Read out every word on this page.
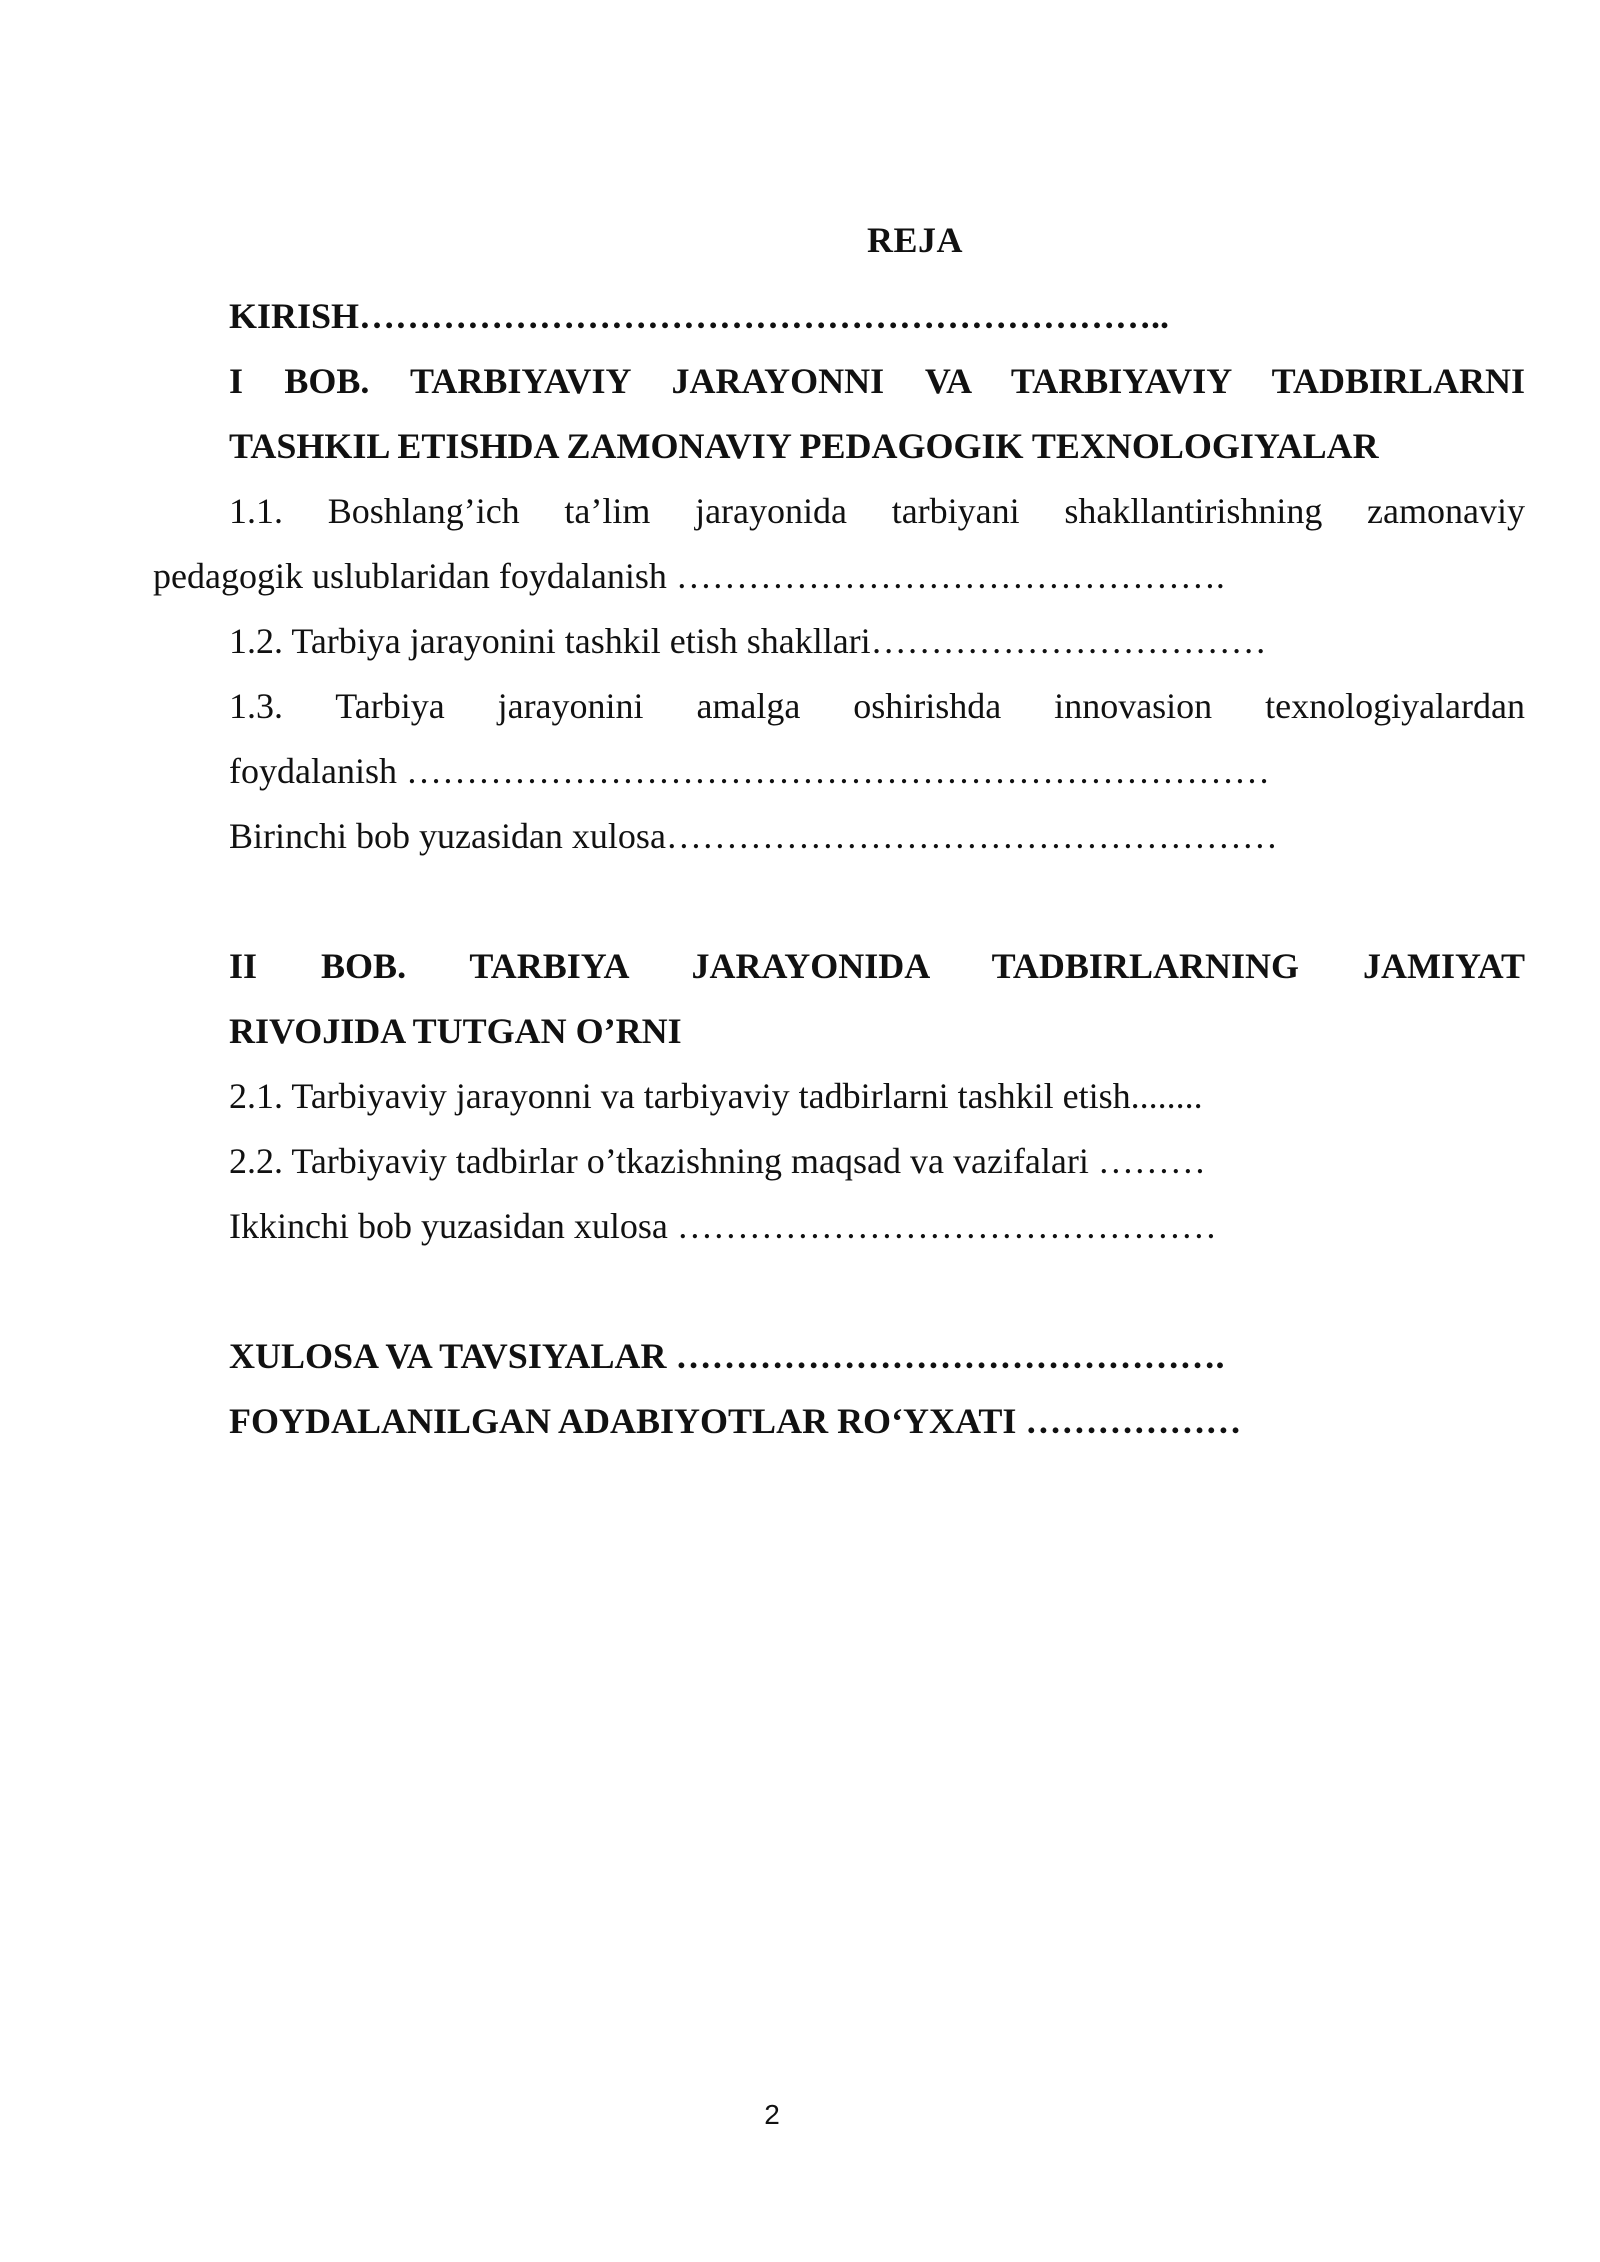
REJA

KIRISH…………………………………………………………..

I BOB. TARBIYAVIY JARAYONNI VA TARBIYAVIY TADBIRLARNI

TASHKIL ETISHDA ZAMONAVIY PEDAGOGIK TEXNOLOGIYALAR

1.1. Boshlang’ich ta’lim jarayonida tarbiyani shakllantirishning zamonaviy

pedagogik uslublaridan foydalanish ……………………………………….

1.2. Tarbiya jarayonini tashkil etish shakllari……………………………

1.3. Tarbiya jarayonini amalga oshirishda innovasion texnologiyalardan

foydalanish ………………………………………………………………

Birinchi bob yuzasidan xulosa……………………………………………

II BOB. TARBIYA JARAYONIDA TADBIRLARNING JAMIYAT

RIVOJIDA TUTGAN O’RNI

2.1. Tarbiyaviy jarayonni va tarbiyaviy tadbirlarni tashkil etish........

2.2. Tarbiyaviy tadbirlar o’tkazishning maqsad va vazifalari ………

Ikkinchi bob yuzasidan xulosa ………………………………………

XULOSA VA TAVSIYALAR ……………………………………….

FOYDALANILGAN ADABIYOTLAR RO‘YXATI ………………

2
